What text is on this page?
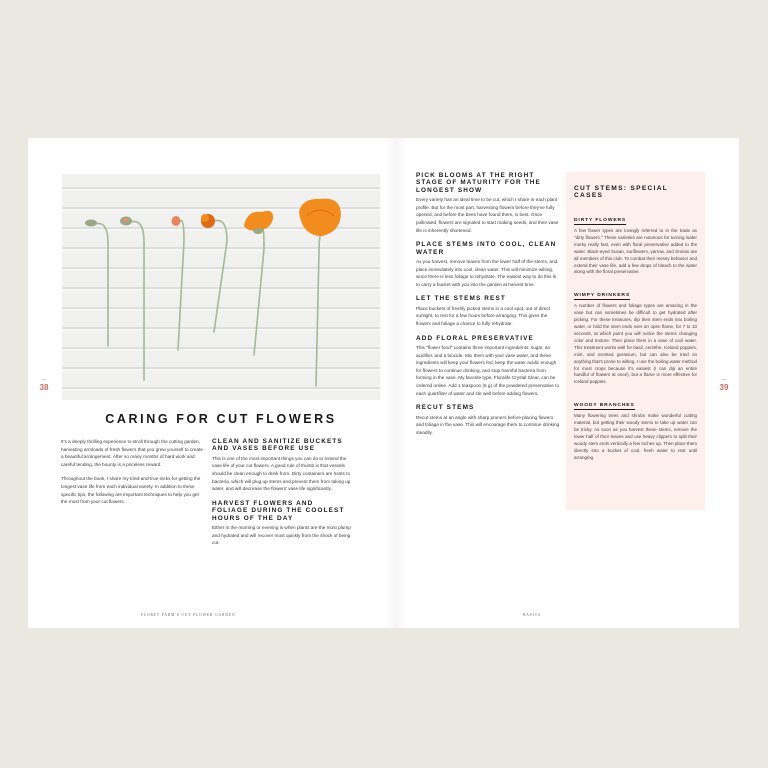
—
38
—
39
CARING FOR CUT FLOWERS

It's a deeply thrilling experience to stroll through the cutting garden, harvesting armloads of fresh flowers that you grew yourself to create a beautiful arrangement. After so many months of hard work and careful tending, the bounty is a priceless reward.

Throughout the book, I share my tried-and-true tricks for getting the longest vase life from each individual variety. In addition to these specific tips, the following are important techniques to help you get the most from your cut flowers.

CLEAN AND SANITIZE BUCKETS AND VASES BEFORE USE

This is one of the most important things you can do to extend the vase life of your cut flowers. A good rule of thumb is that vessels should be clean enough to drink from. Dirty containers are hosts to bacteria, which will plug up stems and prevent them from taking up water, and will decrease the flowers' vase life significantly.

HARVEST FLOWERS AND FOLIAGE DURING THE COOLEST HOURS OF THE DAY

Either in the morning or evening is when plants are the most plump and hydrated and will recover most quickly from the shock of being cut.

PICK BLOOMS AT THE RIGHT STAGE OF MATURITY FOR THE LONGEST SHOW

Every variety has an ideal time to be cut, which I share in each plant profile. But for the most part, harvesting flowers before they've fully opened, and before the bees have found them, is best. Once pollinated, flowers are signaled to start making seeds, and their vase life is inherently shortened.

PLACE STEMS INTO COOL, CLEAN WATER

As you harvest, remove leaves from the lower half of the stems, and place immediately into cool, clean water. This will minimize wilting, since there is less foliage to rehydrate. The easiest way to do this is to carry a bucket with you into the garden at harvest time.

LET THE STEMS REST

Place buckets of freshly picked stems in a cool spot, out of direct sunlight, to rest for a few hours before arranging. This gives the flowers and foliage a chance to fully rehydrate.

ADD FLORAL PRESERVATIVE

This "flower food" contains three important ingredients: sugar, an acidifier, and a biocide. Mix them with your vase water, and these ingredients will keep your flowers fed, keep the water acidic enough for flowers to continue drinking, and stop harmful bacteria from forming in the vase. My favorite type, Floralife Crystal Clear, can be ordered online. Add 1 teaspoon (5 g) of the powdered preservative to each quart/liter of water and stir well before adding flowers.

RECUT STEMS

Recut stems at an angle with sharp pruners before placing flowers and foliage in the vase. This will encourage them to continue drinking steadily.

CUT STEMS: SPECIAL CASES
DIRTY FLOWERS

A few flower types are lovingly referred to in the trade as "dirty flowers." These varieties are notorious for turning water murky really fast, even with floral preservative added to the water. Black-eyed Susan, sunflowers, yarrow, and zinnias are all members of this club. To combat their messy behavior and extend their vase life, add a few drops of bleach to the water along with the floral preservative.

WIMPY DRINKERS

A number of flowers and foliage types are amazing in the vase but can sometimes be difficult to get hydrated after picking. For these treasures, dip their stem ends into boiling water, or hold the stem ends over an open flame, for 7 to 10 seconds, at which point you will notice the stems changing color and texture. Then place them in a vase of cool water. This treatment works well for basil, cerinthe, Iceland poppies, mint, and scented geranium, but can also be tried on anything that's prone to wilting. I use the boiling water method for most crops because it's easiest (I can dip an entire handful of flowers at once), but a flame is more effective for Iceland poppies.

WOODY BRANCHES

Many flowering trees and shrubs make wonderful cutting material, but getting their woody stems to take up water can be tricky. As soon as you harvest these stems, remove the lower half of their leaves and use heavy clippers to split their woody stem ends vertically a few inches up. Then place them directly into a bucket of cool, fresh water to rest until arranging.

FLORET FARM'S CUT FLOWER GARDEN	BASICS
